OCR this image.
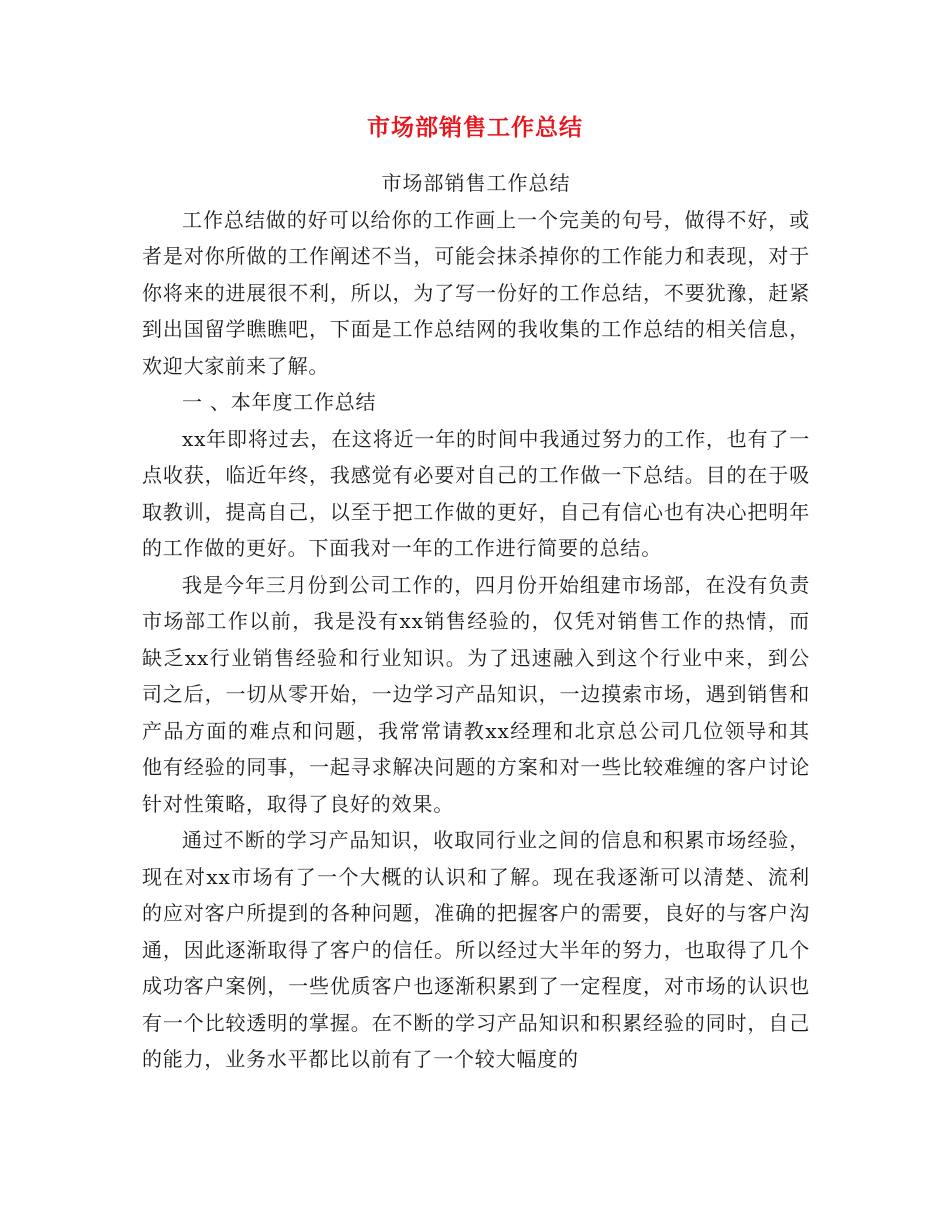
市场部销售工作总结

市场部销售工作总结

工作总结做的好可以给你的工作画上一个完美的句号，做得不好，或者是对你所做的工作阐述不当，可能会抹杀掉你的工作能力和表现，对于你将来的进展很不利，所以，为了写一份好的工作总结，不要犹豫，赶紧到出国留学瞧瞧吧，下面是工作总结网的我收集的工作总结的相关信息，欢迎大家前来了解。

一 、本年度工作总结

xx年即将过去，在这将近一年的时间中我通过努力的工作，也有了一点收获，临近年终，我感觉有必要对自己的工作做一下总结。目的在于吸取教训，提高自己，以至于把工作做的更好，自己有信心也有决心把明年的工作做的更好。下面我对一年的工作进行简要的总结。

我是今年三月份到公司工作的，四月份开始组建市场部，在没有负责市场部工作以前，我是没有xx销售经验的，仅凭对销售工作的热情，而缺乏xx行业销售经验和行业知识。为了迅速融入到这个行业中来，到公司之后，一切从零开始，一边学习产品知识，一边摸索市场，遇到销售和产品方面的难点和问题，我常常请教xx经理和北京总公司几位领导和其他有经验的同事，一起寻求解决问题的方案和对一些比较难缠的客户讨论针对性策略，取得了良好的效果。

通过不断的学习产品知识，收取同行业之间的信息和积累市场经验，现在对xx市场有了一个大概的认识和了解。现在我逐渐可以清楚、流利的应对客户所提到的各种问题，准确的把握客户的需要，良好的与客户沟通，因此逐渐取得了客户的信任。所以经过大半年的努力，也取得了几个成功客户案例，一些优质客户也逐渐积累到了一定程度，对市场的认识也有一个比较透明的掌握。在不断的学习产品知识和积累经验的同时，自己的能力，业务水平都比以前有了一个较大幅度的
